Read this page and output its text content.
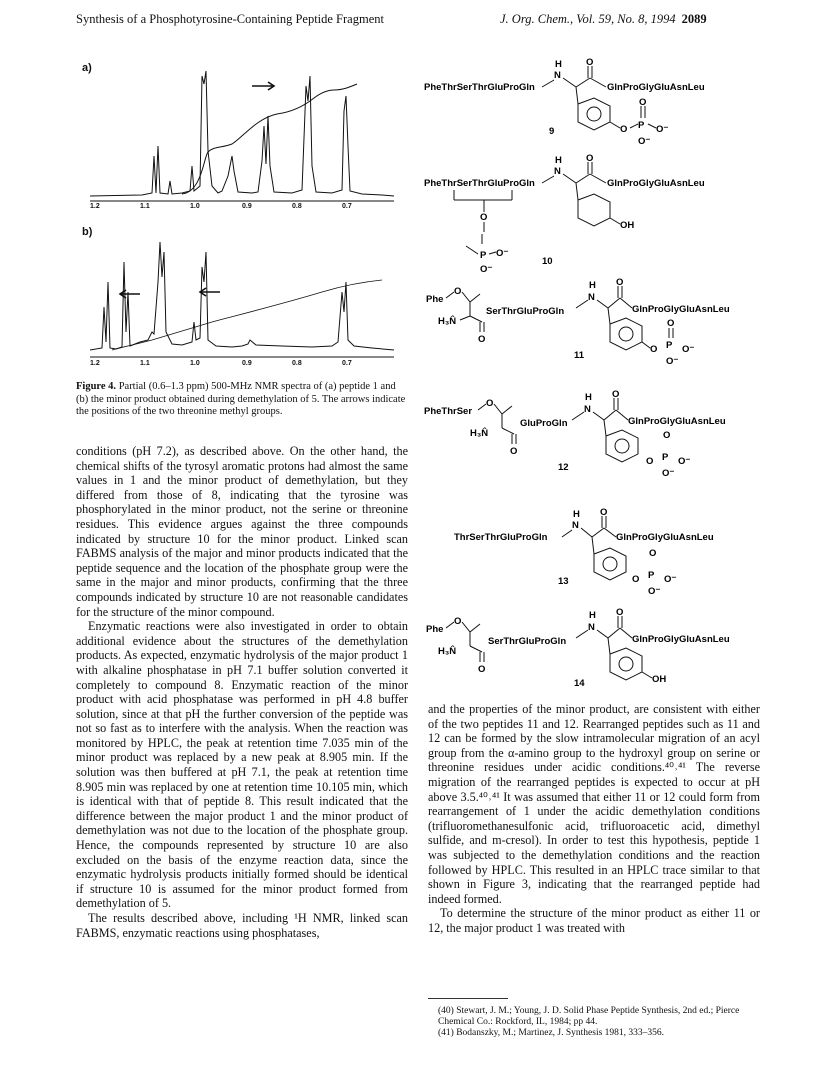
Synthesis of a Phosphotyrosine-Containing Peptide Fragment	J. Org. Chem., Vol. 59, No. 8, 1994 2089
a)
b)
1.2	1.1	1.0	0.9	0.8	0.7
1.2	1.1	1.0	0.9	0.8	0.7
Figure 4. Partial (0.6–1.3 ppm) 500-MHz NMR spectra of (a) peptide 1 and (b) the minor product obtained during demethylation of 5. The arrows indicate the positions of the two threonine methyl groups.

conditions (pH 7.2), as described above. On the other hand, the chemical shifts of the tyrosyl aromatic protons had almost the same values in 1 and the minor product of demethylation, but they differed from those of 8, indicating that the tyrosine was phosphorylated in the minor product, not the serine or threonine residues. This evidence argues against the three compounds indicated by structure 10 for the minor product. Linked scan FABMS analysis of the major and minor products indicated that the peptide sequence and the location of the phosphate group were the same in the major and minor products, confirming that the three compounds indicated by structure 10 are not reasonable candidates for the structure of the minor compound.

Enzymatic reactions were also investigated in order to obtain additional evidence about the structures of the demethylation products. As expected, enzymatic hydrolysis of the major product 1 with alkaline phosphatase in pH 7.1 buffer solution converted it completely to compound 8. Enzymatic reaction of the minor product with acid phosphatase was performed in pH 4.8 buffer solution, since at that pH the further conversion of the peptide was not so fast as to interfere with the analysis. When the reaction was monitored by HPLC, the peak at retention time 7.035 min of the minor product was replaced by a new peak at 8.905 min. If the solution was then buffered at pH 7.1, the peak at retention time 8.905 min was replaced by one at retention time 10.105 min, which is identical with that of peptide 8. This result indicated that the difference between the major product 1 and the minor product of demethylation was not due to the location of the phosphate group. Hence, the compounds represented by structure 10 are also excluded on the basis of the enzyme reaction data, since the enzymatic hydrolysis products initially formed should be identical if structure 10 is assumed for the minor product formed from demethylation of 5.

The results described above, including ¹H NMR, linked scan FABMS, enzymatic reactions using phosphatases,

and the properties of the minor product, are consistent with either of the two peptides 11 and 12. Rearranged peptides such as 11 and 12 can be formed by the slow intramolecular migration of an acyl group from the α-amino group to the hydroxyl group on serine or threonine residues under acidic conditions.⁴⁰˒⁴¹ The reverse migration of the rearranged peptides is expected to occur at pH above 3.5.⁴⁰˒⁴¹ It was assumed that either 11 or 12 could form from rearrangement of 1 under the acidic demethylation conditions (trifluoromethanesulfonic acid, trifluoroacetic acid, dimethyl sulfide, and m-cresol). In order to test this hypothesis, peptide 1 was subjected to the demethylation conditions and the reaction followed by HPLC. This resulted in an HPLC trace similar to that shown in Figure 3, indicating that the rearranged peptide had indeed formed.

To determine the structure of the minor product as either 11 or 12, the major product 1 was treated with

(40) Stewart, J. M.; Young, J. D. Solid Phase Peptide Synthesis, 2nd ed.; Pierce Chemical Co.: Rockford, IL, 1984; pp 44.

(41) Bodanszky, M.; Martinez, J. Synthesis 1981, 333–356.

PheThrSerThrGluProGln
N
H	O
GlnProGlyGluAsnLeu
O P
O
O⁻
O⁻
9
PheThrSerThrGluProGln
N
H	O
GlnProGlyGluAsnLeu
OH
O
P O⁻
O⁻
10
Phe
O
H₃N̂
O
SerThrGluProGln
N
H O
GlnProGlyGluAsnLeu
O P
O
O⁻
O⁻
11
PheThrSer
O
H₃N̂
O
GluProGln
N
H O
GlnProGlyGluAsnLeu
O P
O
O⁻
O⁻
12
ThrSerThrGluProGln
N
H O
GlnProGlyGluAsnLeu
O P
O
O⁻
O⁻
13
Phe
O
H₃N̂
O
SerThrGluProGln
N
H O
GlnProGlyGluAsnLeu
OH
14
